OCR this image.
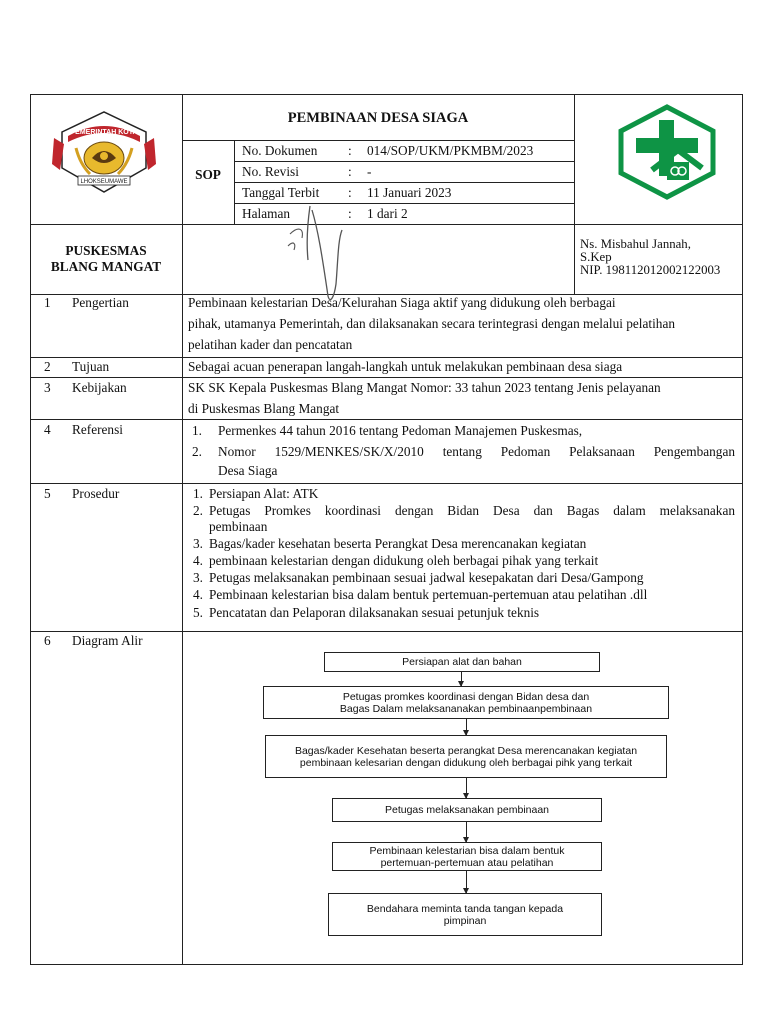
PEMERINTAH KOTA
LHOKSEUMAWE
PEMBINAAN DESA SIAGA
SOP
No. Dokumen : 014/SOP/UKM/PKMBM/2023
No. Revisi	: -
Tanggal Terbit : 11 Januari 2023
Halaman	: 1 dari 2
PUSKESMAS
BLANG MANGAT
Ns. Misbahul Jannah,
S.Kep
NIP. 198112012002122003
1 Pengertian	Pembinaan kelestarian Desa/Kelurahan Siaga aktif yang didukung oleh berbagai
pihak, utamanya Pemerintah, dan dilaksanakan secara terintegrasi dengan melalui pelatihan
pelatihan kader dan pencatatan
2 Tujuan	Sebagai acuan penerapan langah-langkah untuk melakukan pembinaan desa siaga
3 Kebijakan	SK SK Kepala Puskesmas Blang Mangat Nomor: 33 tahun 2023 tentang Jenis pelayanan
di Puskesmas Blang Mangat
4 Referensi	1. Permenkes 44 tahun 2016 tentang Pedoman Manajemen Puskesmas,
2. Nomor 1529/MENKES/SK/X/2010 tentang Pedoman Pelaksanaan Pengembangan
Desa Siaga
5 Prosedur	1. Persiapan Alat: ATK
2. Petugas Promkes koordinasi dengan Bidan Desa dan Bagas dalam melaksanakan
pembinaan
3. Bagas/kader kesehatan beserta Perangkat Desa merencanakan kegiatan
4. pembinaan kelestarian dengan didukung oleh berbagai pihak yang terkait
3. Petugas melaksanakan pembinaan sesuai jadwal kesepakatan dari Desa/Gampong
4. Pembinaan kelestarian bisa dalam bentuk pertemuan-pertemuan atau pelatihan .dll
5. Pencatatan dan Pelaporan dilaksanakan sesuai petunjuk teknis
6 Diagram Alir
Persiapan alat dan bahan
Petugas promkes koordinasi dengan Bidan desa dan Bagas Dalam melaksananakan pembinaanpembinaan
Bagas/kader Kesehatan beserta perangkat Desa merencanakan kegiatan pembinaan kelesarian dengan didukung oleh berbagai pihk yang terkait
Petugas melaksanakan pembinaan
Pembinaan kelestarian bisa dalam bentuk pertemuan-pertemuan atau pelatihan
Bendahara meminta tanda tangan kepada pimpinan
